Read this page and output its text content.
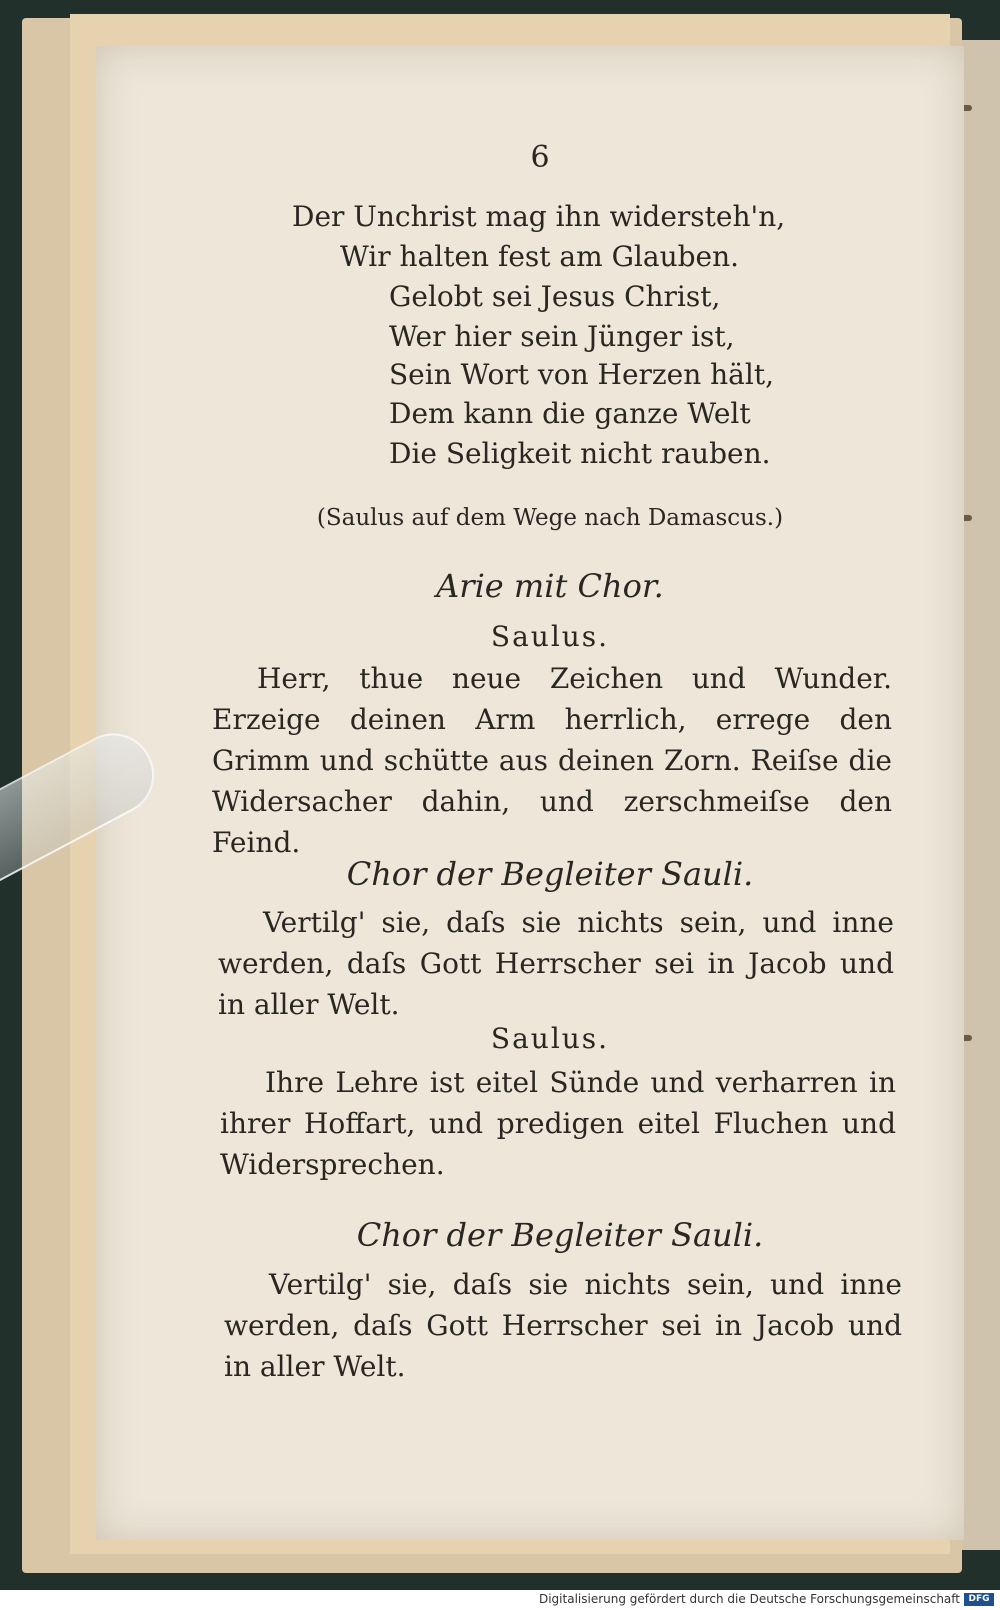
6
Der Unchrist mag ihn widersteh'n,
Wir halten fest am Glauben.
Gelobt sei Jesus Christ,
Wer hier sein Jünger ist,
Sein Wort von Herzen hält,
Dem kann die ganze Welt
Die Seligkeit nicht rauben.
(Saulus auf dem Wege nach Damascus.)
Arie mit Chor.
Saulus.
Herr, thue neue Zeichen und Wunder. Erzeige deinen Arm herrlich, errege den Grimm und schütte aus deinen Zorn. Reiſse die Widersacher dahin, und zerschmeiſse den Feind.
Chor der Begleiter Sauli.
Vertilg' sie, daſs sie nichts sein, und inne werden, daſs Gott Herrscher sei in Jacob und in aller Welt.
Saulus.
Ihre Lehre ist eitel Sünde und verharren in ihrer Hoffart, und predigen eitel Fluchen und Widersprechen.
Chor der Begleiter Sauli.
Vertilg' sie, daſs sie nichts sein, und inne werden, daſs Gott Herrscher sei in Jacob und in aller Welt.
Digitalisierung gefördert durch die Deutsche Forschungsgemeinschaft DFG
